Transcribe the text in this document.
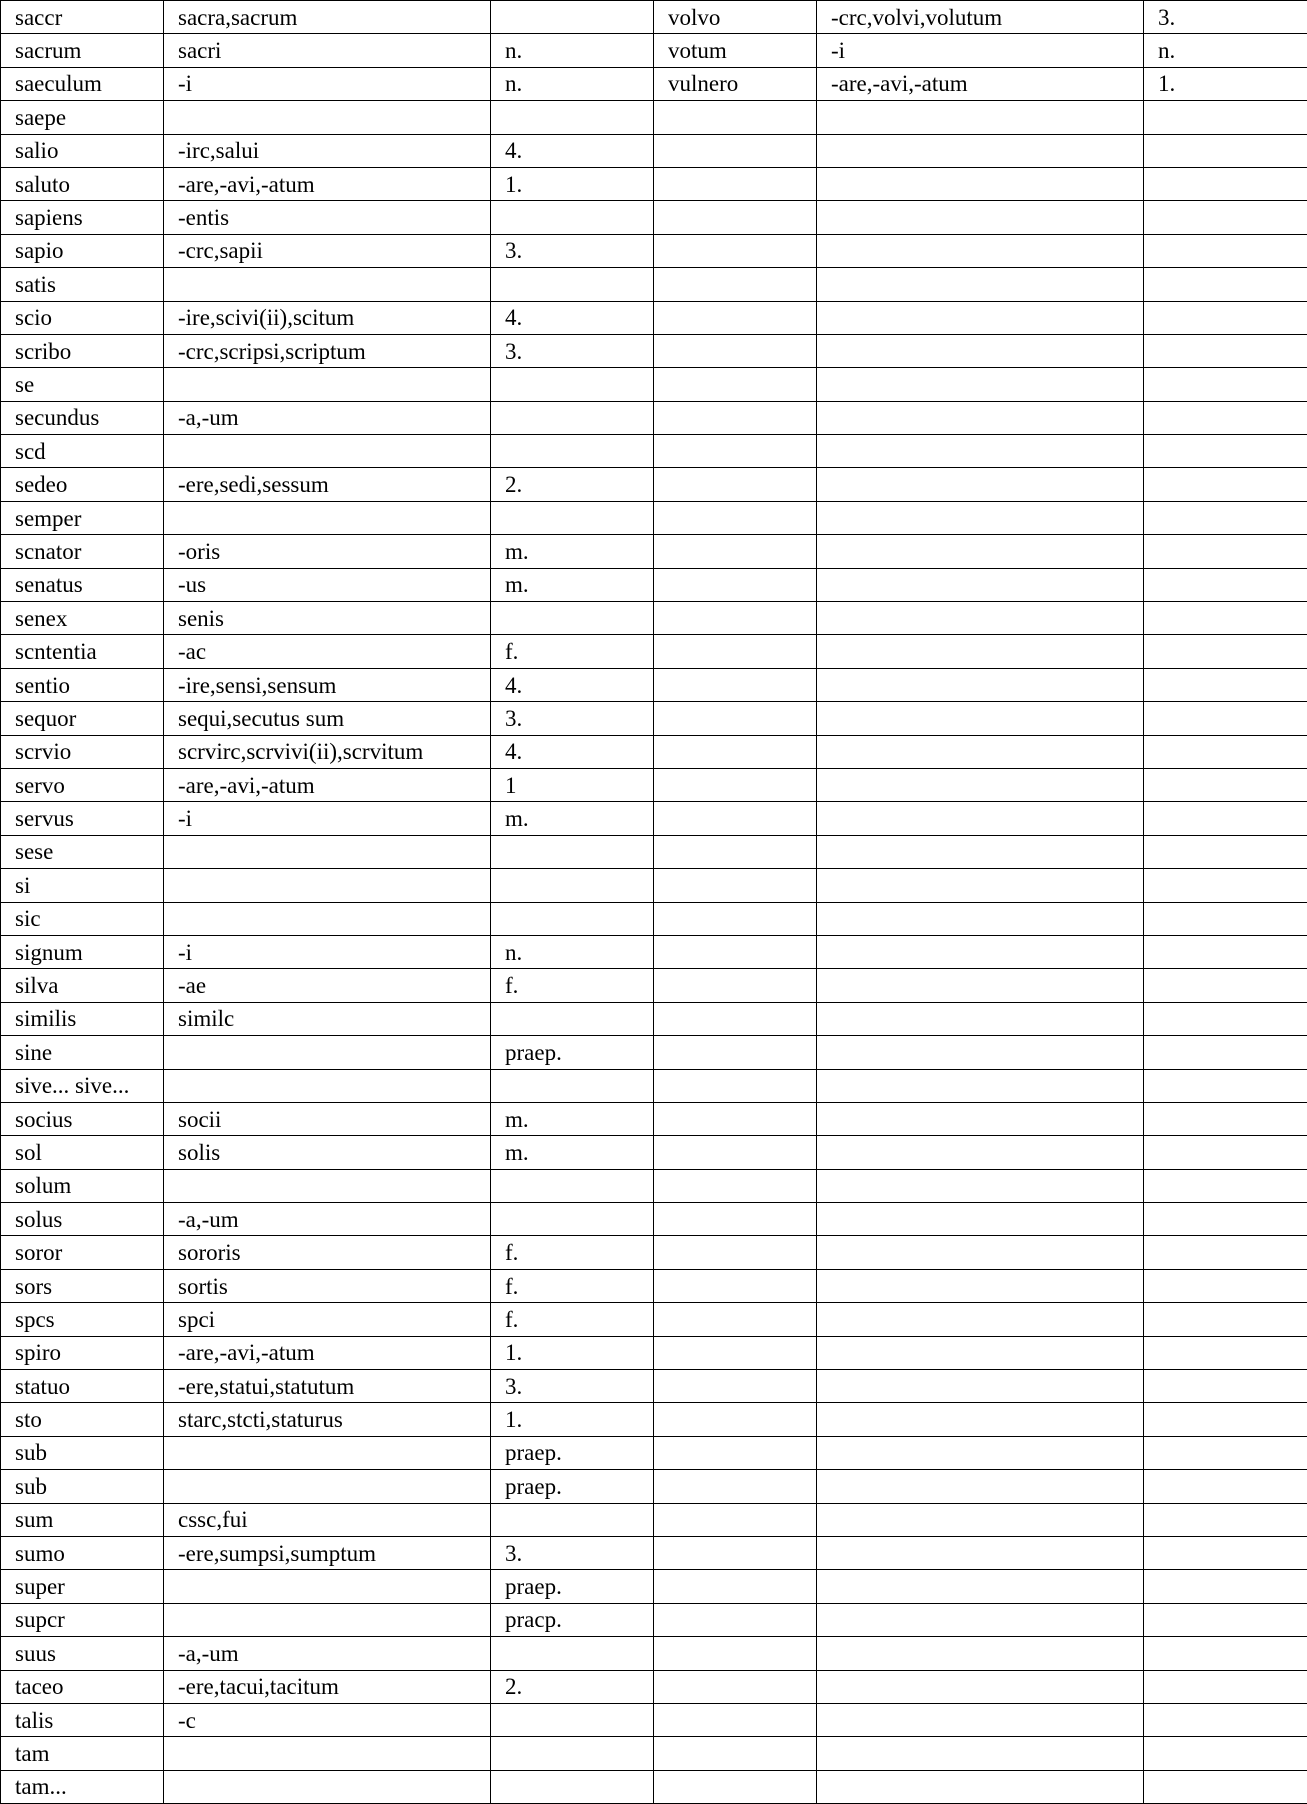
saccr	sacra,sacrum		volvo	-crc,volvi,volutum	3.
sacrum	sacri	n.	votum	-i	n.
saeculum	-i	n.	vulnero	-are,-avi,-atum	1.
saepe					
salio	-irc,salui	4.			
saluto	-are,-avi,-atum	1.			
sapiens	-entis				
sapio	-crc,sapii	3.			
satis					
scio	-ire,scivi(ii),scitum	4.			
scribo	-crc,scripsi,scriptum	3.			
se					
secundus	-a,-um				
scd					
sedeo	-ere,sedi,sessum	2.			
semper					
scnator	-oris	m.			
senatus	-us	m.			
senex	senis				
scntentia	-ac	f.			
sentio	-ire,sensi,sensum	4.			
sequor	sequi,secutus sum	3.			
scrvio	scrvirc,scrvivi(ii),scrvitum	4.			
servo	-are,-avi,-atum	1			
servus	-i	m.			
sese					
si					
sic					
signum	-i	n.			
silva	-ae	f.			
similis	similc				
sine		praep.			
sive... sive...					
socius	socii	m.			
sol	solis	m.			
solum					
solus	-a,-um				
soror	sororis	f.			
sors	sortis	f.			
spcs	spci	f.			
spiro	-are,-avi,-atum	1.			
statuo	-ere,statui,statutum	3.			
sto	starc,stcti,staturus	1.			
sub		praep.			
sub		praep.			
sum	cssc,fui				
sumo	-ere,sumpsi,sumptum	3.			
super		praep.			
supcr		pracp.			
suus	-a,-um				
taceo	-ere,tacui,tacitum	2.			
talis	-c				
tam					
tam...					
